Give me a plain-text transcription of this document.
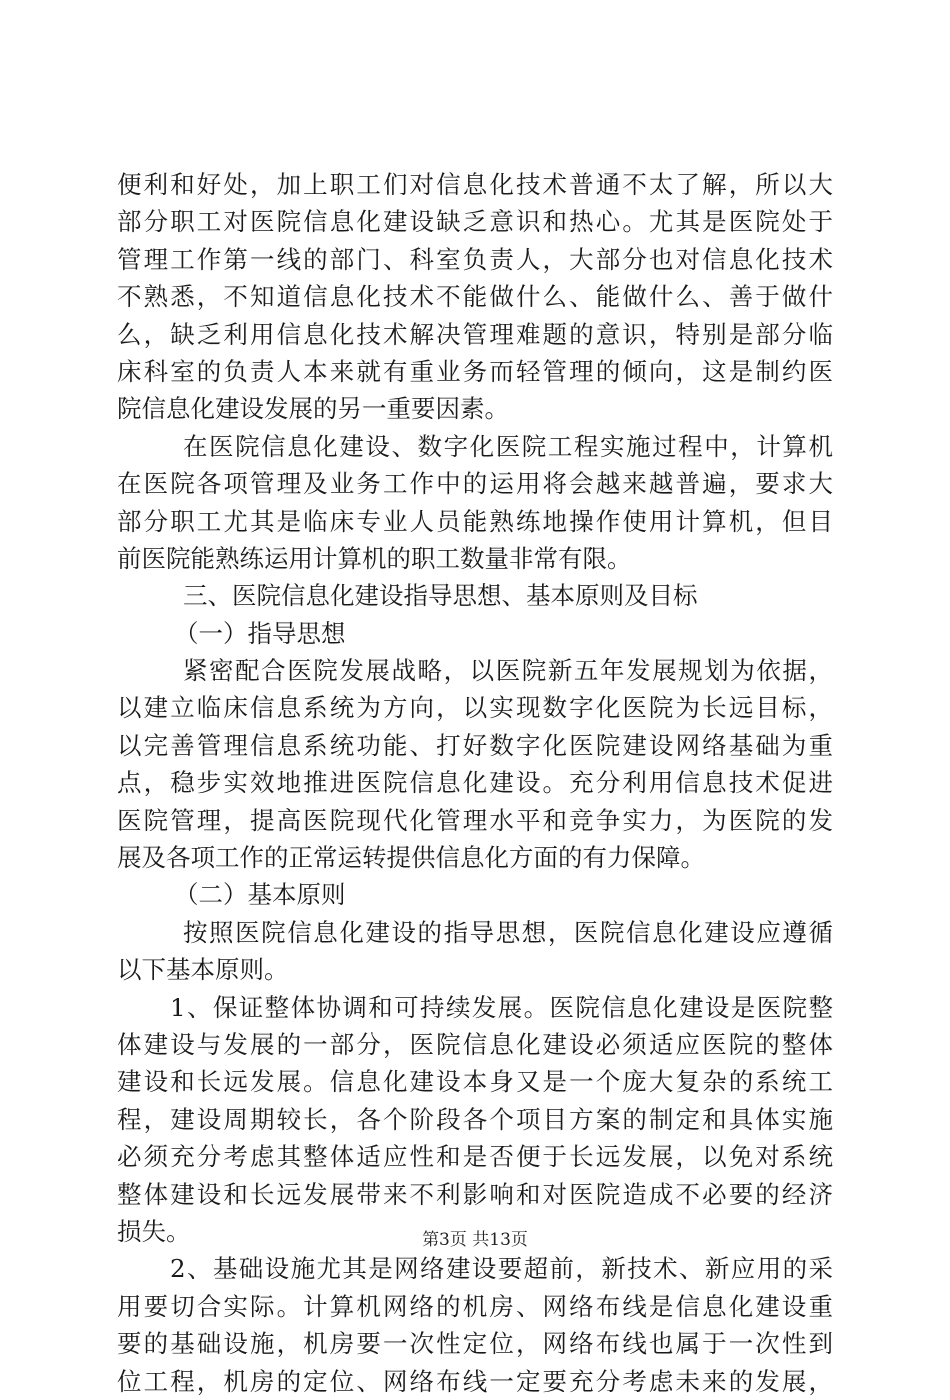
便利和好处，加上职工们对信息化技术普通不太了解，所以大
部分职工对医院信息化建设缺乏意识和热心。尤其是医院处于
管理工作第一线的部门、科室负责人，大部分也对信息化技术
不熟悉，不知道信息化技术不能做什么、能做什么、善于做什
么，缺乏利用信息化技术解决管理难题的意识，特别是部分临
床科室的负责人本来就有重业务而轻管理的倾向，这是制约医
院信息化建设发展的另一重要因素。
在医院信息化建设、数字化医院工程实施过程中，计算机
在医院各项管理及业务工作中的运用将会越来越普遍，要求大
部分职工尤其是临床专业人员能熟练地操作使用计算机，但目
前医院能熟练运用计算机的职工数量非常有限。
三、医院信息化建设指导思想、基本原则及目标
（一）指导思想
紧密配合医院发展战略，以医院新五年发展规划为依据，
以建立临床信息系统为方向，以实现数字化医院为长远目标，
以完善管理信息系统功能、打好数字化医院建设网络基础为重
点，稳步实效地推进医院信息化建设。充分利用信息技术促进
医院管理，提高医院现代化管理水平和竞争实力，为医院的发
展及各项工作的正常运转提供信息化方面的有力保障。
（二）基本原则
按照医院信息化建设的指导思想，医院信息化建设应遵循
以下基本原则。
1、保证整体协调和可持续发展。医院信息化建设是医院整
体建设与发展的一部分，医院信息化建设必须适应医院的整体
建设和长远发展。信息化建设本身又是一个庞大复杂的系统工
程，建设周期较长，各个阶段各个项目方案的制定和具体实施
必须充分考虑其整体适应性和是否便于长远发展，以免对系统
整体建设和长远发展带来不利影响和对医院造成不必要的经济
损失。
2、基础设施尤其是网络建设要超前，新技术、新应用的采
用要切合实际。计算机网络的机房、网络布线是信息化建设重
要的基础设施，机房要一次性定位，网络布线也属于一次性到
位工程，机房的定位、网络布线一定要充分考虑未来的发展，
第3页 共13页
